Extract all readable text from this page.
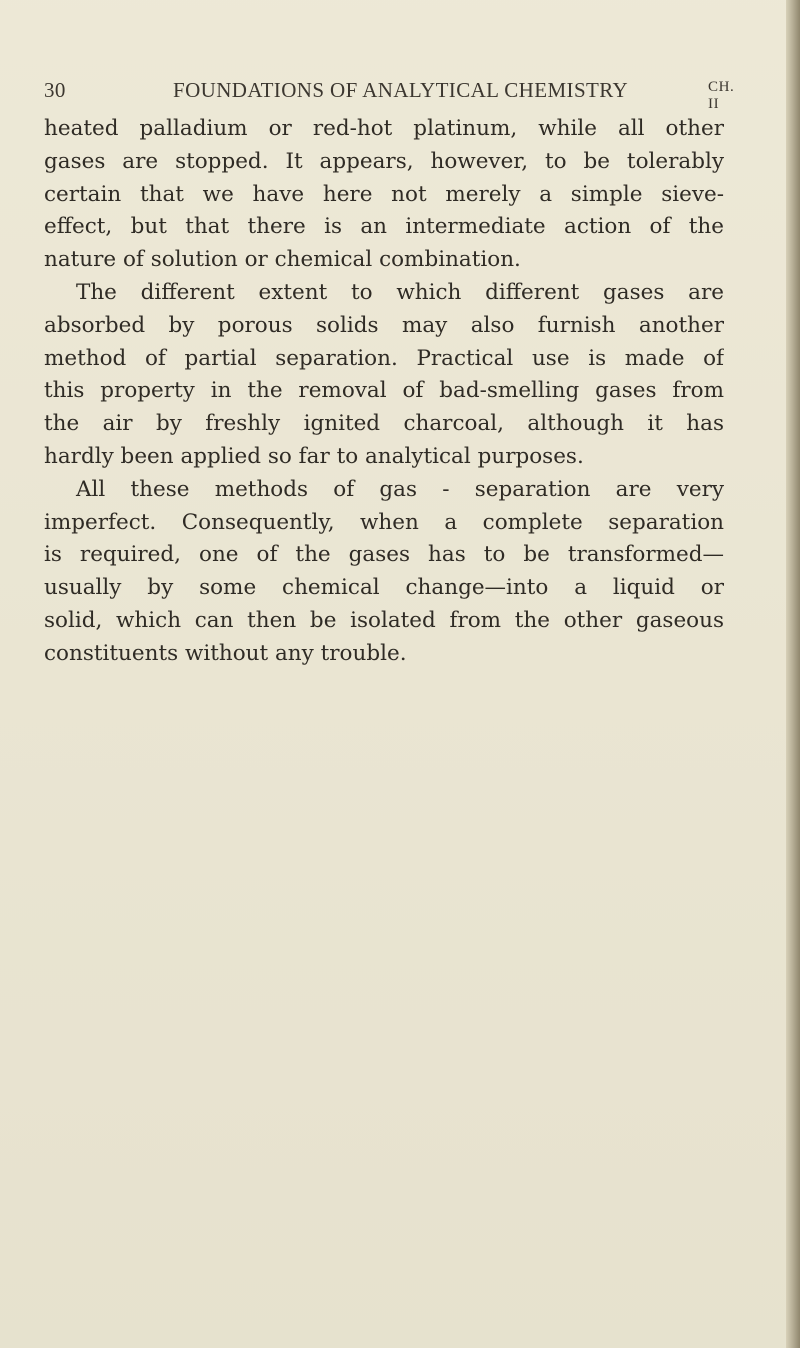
30	FOUNDATIONS OF ANALYTICAL CHEMISTRY	CH. II
heated palladium or red-hot platinum, while all other
gases are stopped. It appears, however, to be tolerably
certain that we have here not merely a simple sieve-
effect, but that there is an intermediate action of the
nature of solution or chemical combination.
The different extent to which different gases are
absorbed by porous solids may also furnish another
method of partial separation. Practical use is made of
this property in the removal of bad-smelling gases from
the air by freshly ignited charcoal, although it has
hardly been applied so far to analytical purposes.
All these methods of gas - separation are very
imperfect. Consequently, when a complete separation
is required, one of the gases has to be transformed—
usually by some chemical change—into a liquid or
solid, which can then be isolated from the other gaseous
constituents without any trouble.
